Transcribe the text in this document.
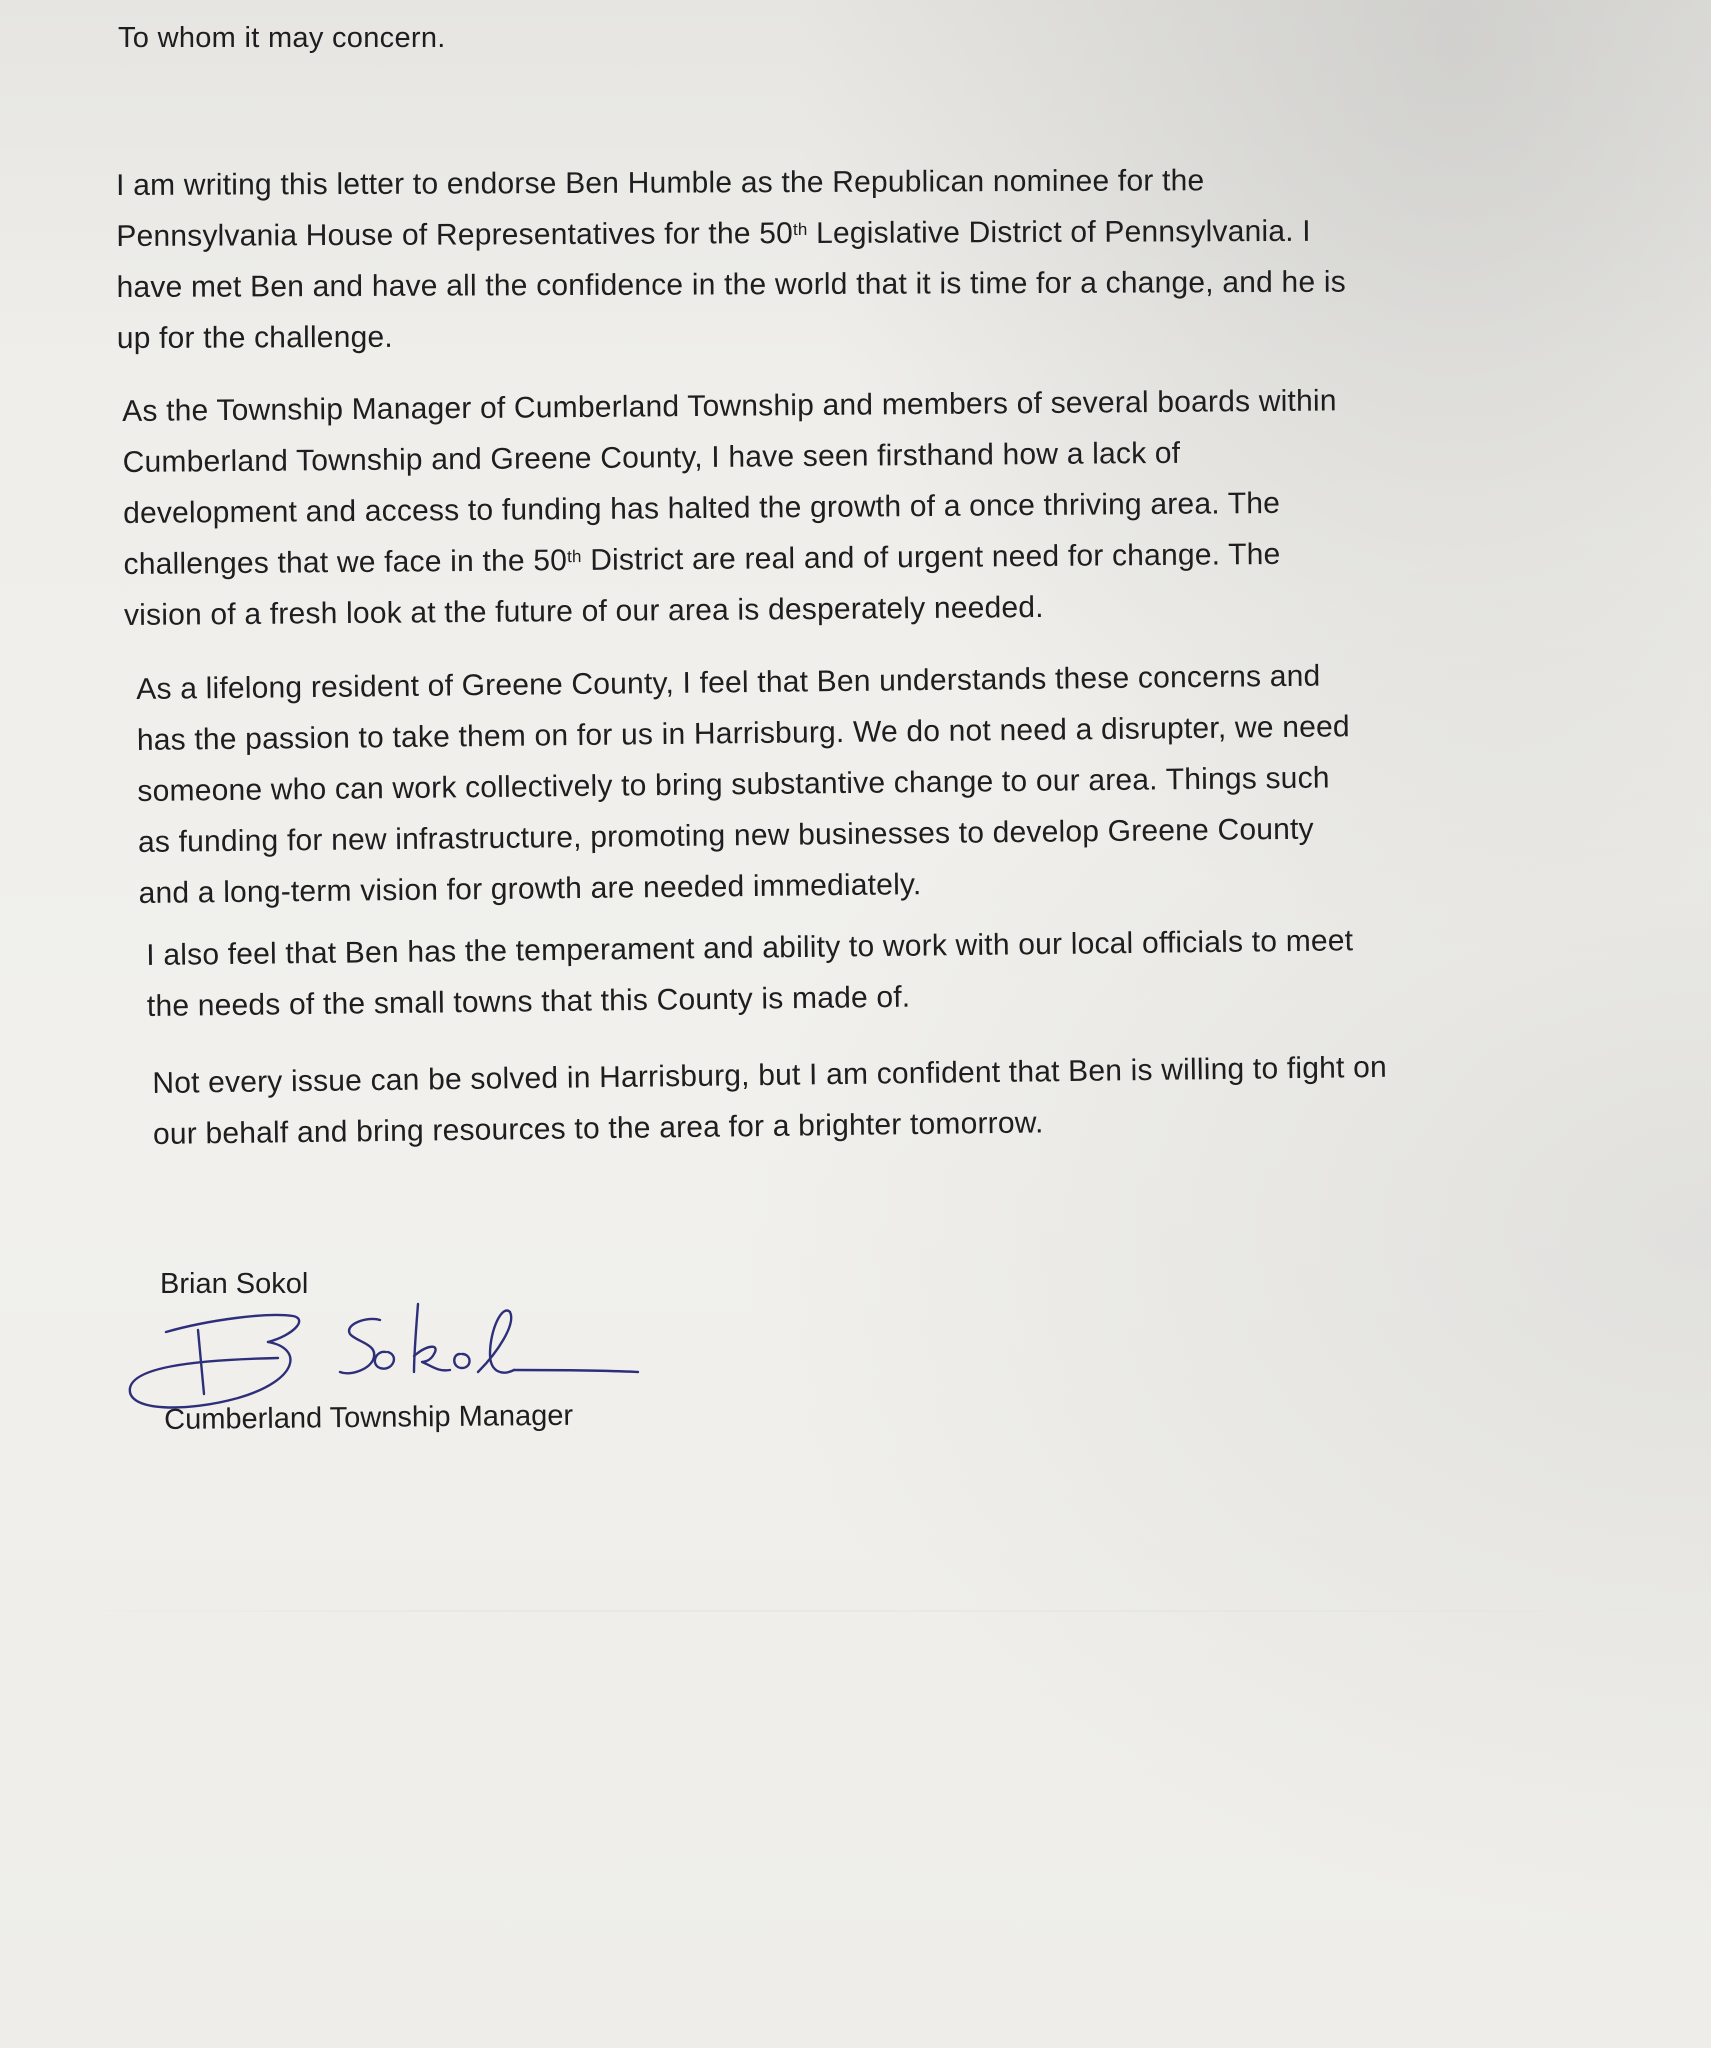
To whom it may concern.

I am writing this letter to endorse Ben Humble as the Republican nominee for the
Pennsylvania House of Representatives for the 50th Legislative District of Pennsylvania. I
have met Ben and have all the confidence in the world that it is time for a change, and he is
up for the challenge.

As the Township Manager of Cumberland Township and members of several boards within
Cumberland Township and Greene County, I have seen firsthand how a lack of
development and access to funding has halted the growth of a once thriving area. The
challenges that we face in the 50th District are real and of urgent need for change. The
vision of a fresh look at the future of our area is desperately needed.

As a lifelong resident of Greene County, I feel that Ben understands these concerns and
has the passion to take them on for us in Harrisburg. We do not need a disrupter, we need
someone who can work collectively to bring substantive change to our area. Things such
as funding for new infrastructure, promoting new businesses to develop Greene County
and a long-term vision for growth are needed immediately.

I also feel that Ben has the temperament and ability to work with our local officials to meet
the needs of the small towns that this County is made of.

Not every issue can be solved in Harrisburg, but I am confident that Ben is willing to fight on
our behalf and bring resources to the area for a brighter tomorrow.

Brian Sokol

Cumberland Township Manager
